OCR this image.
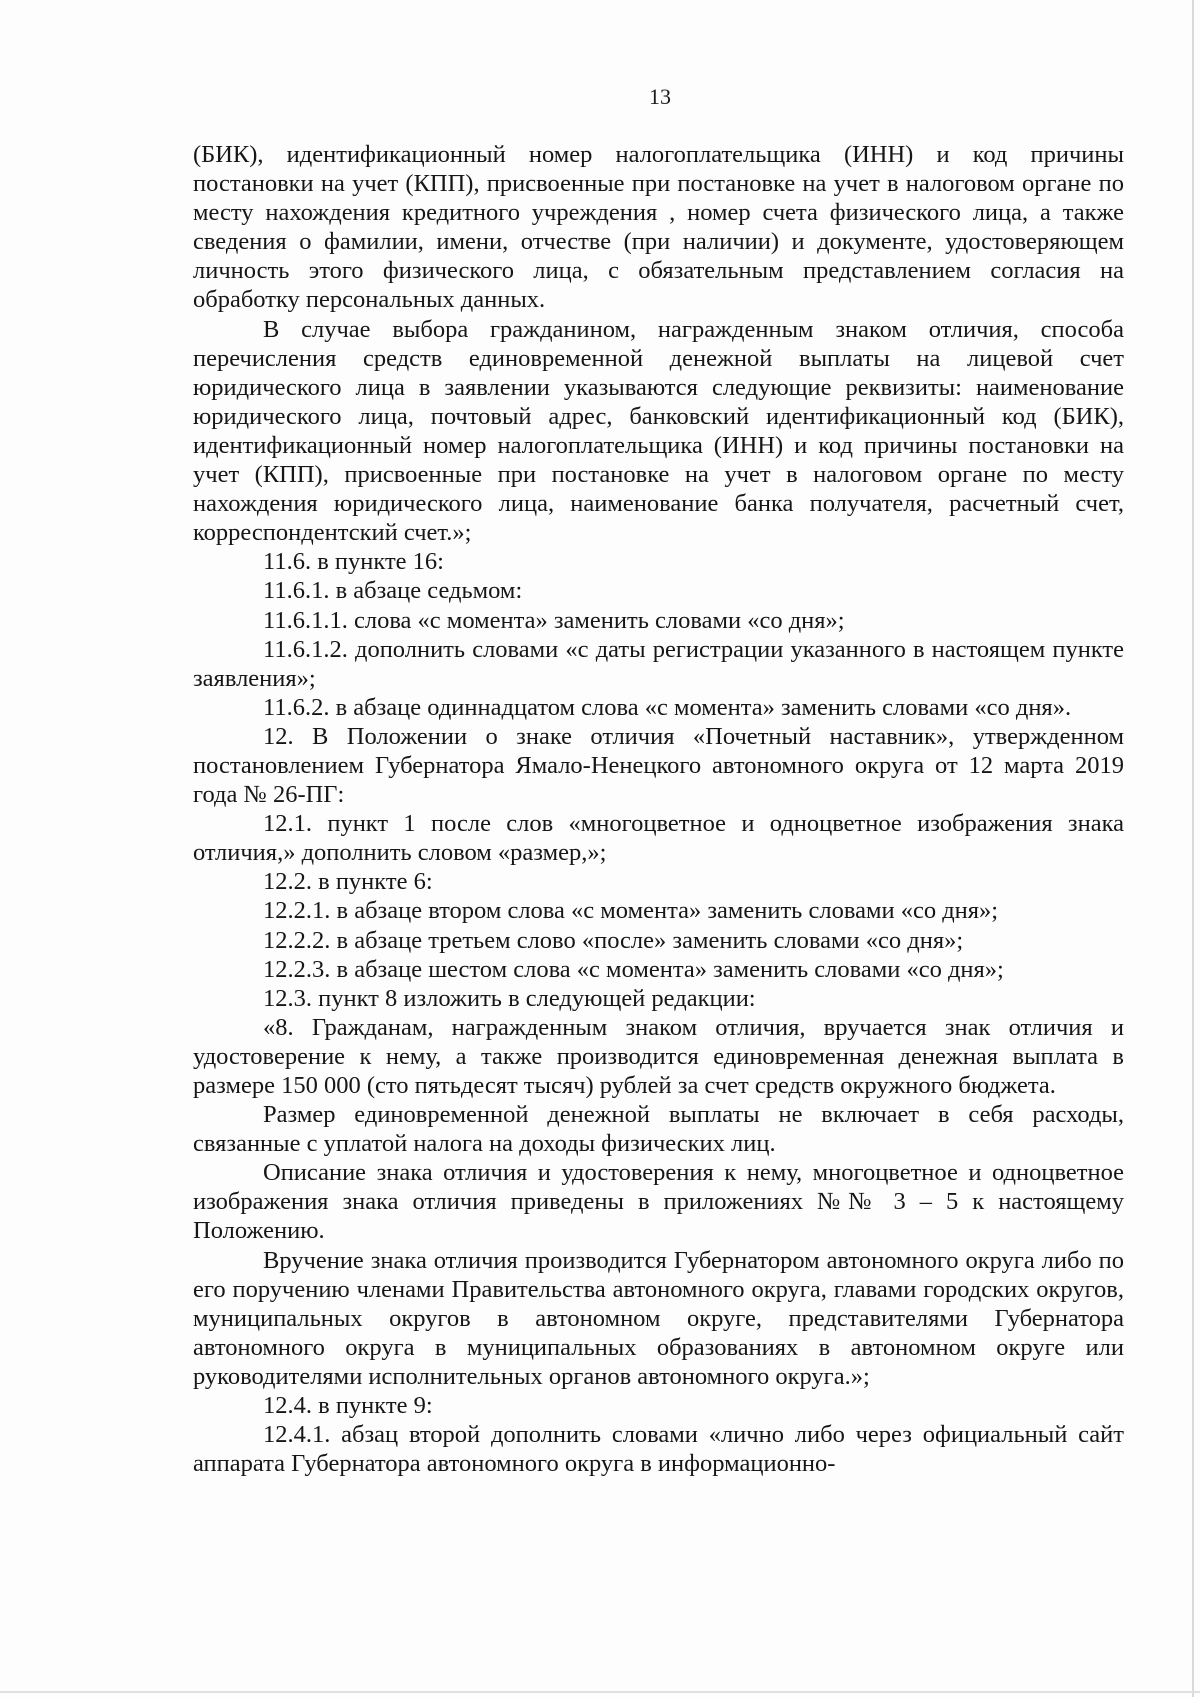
13

(БИК), идентификационный номер налогоплательщика (ИНН) и код причины постановки на учет (КПП), присвоенные при постановке на учет в налоговом органе по месту нахождения кредитного учреждения , номер счета физического лица, а также сведения о фамилии, имени, отчестве (при наличии) и документе, удостоверяющем личность этого физического лица, с обязательным представлением согласия на обработку персональных данных.

В случае выбора гражданином, награжденным знаком отличия, способа перечисления средств единовременной денежной выплаты на лицевой счет юридического лица в заявлении указываются следующие реквизиты: наименование юридического лица, почтовый адрес, банковский идентификационный код (БИК), идентификационный номер налогоплательщика (ИНН) и код причины постановки на учет (КПП), присвоенные при постановке на учет в налоговом органе по месту нахождения юридического лица, наименование банка получателя, расчетный счет, корреспондентский счет.»;

11.6. в пункте 16:

11.6.1. в абзаце седьмом:

11.6.1.1. слова «с момента» заменить словами «со дня»;

11.6.1.2. дополнить словами «с даты регистрации указанного в настоящем пункте заявления»;

11.6.2. в абзаце одиннадцатом слова «с момента» заменить словами «со дня».

12. В Положении о знаке отличия «Почетный наставник», утвержденном постановлением Губернатора Ямало-Ненецкого автономного округа от 12 марта 2019 года № 26-ПГ:

12.1. пункт 1 после слов «многоцветное и одноцветное изображения знака отличия,» дополнить словом «размер,»;

12.2. в пункте 6:

12.2.1. в абзаце втором слова «с момента» заменить словами «со дня»;

12.2.2. в абзаце третьем слово «после» заменить словами «со дня»;

12.2.3. в абзаце шестом слова «с момента» заменить словами «со дня»;

12.3. пункт 8 изложить в следующей редакции:

«8. Гражданам, награжденным знаком отличия, вручается знак отличия и удостоверение к нему, а также производится единовременная денежная выплата в размере 150 000 (сто пятьдесят тысяч) рублей за счет средств окружного бюджета.

Размер единовременной денежной выплаты не включает в себя расходы, связанные с уплатой налога на доходы физических лиц.

Описание знака отличия и удостоверения к нему, многоцветное и одноцветное изображения знака отличия приведены в приложениях №№ 3 – 5 к настоящему Положению.

Вручение знака отличия производится Губернатором автономного округа либо по его поручению членами Правительства автономного округа, главами городских округов, муниципальных округов в автономном округе, представителями Губернатора автономного округа в муниципальных образованиях в автономном округе или руководителями исполнительных органов автономного округа.»;

12.4. в пункте 9:

12.4.1. абзац второй дополнить словами «лично либо через официальный сайт аппарата Губернатора автономного округа в информационно-
